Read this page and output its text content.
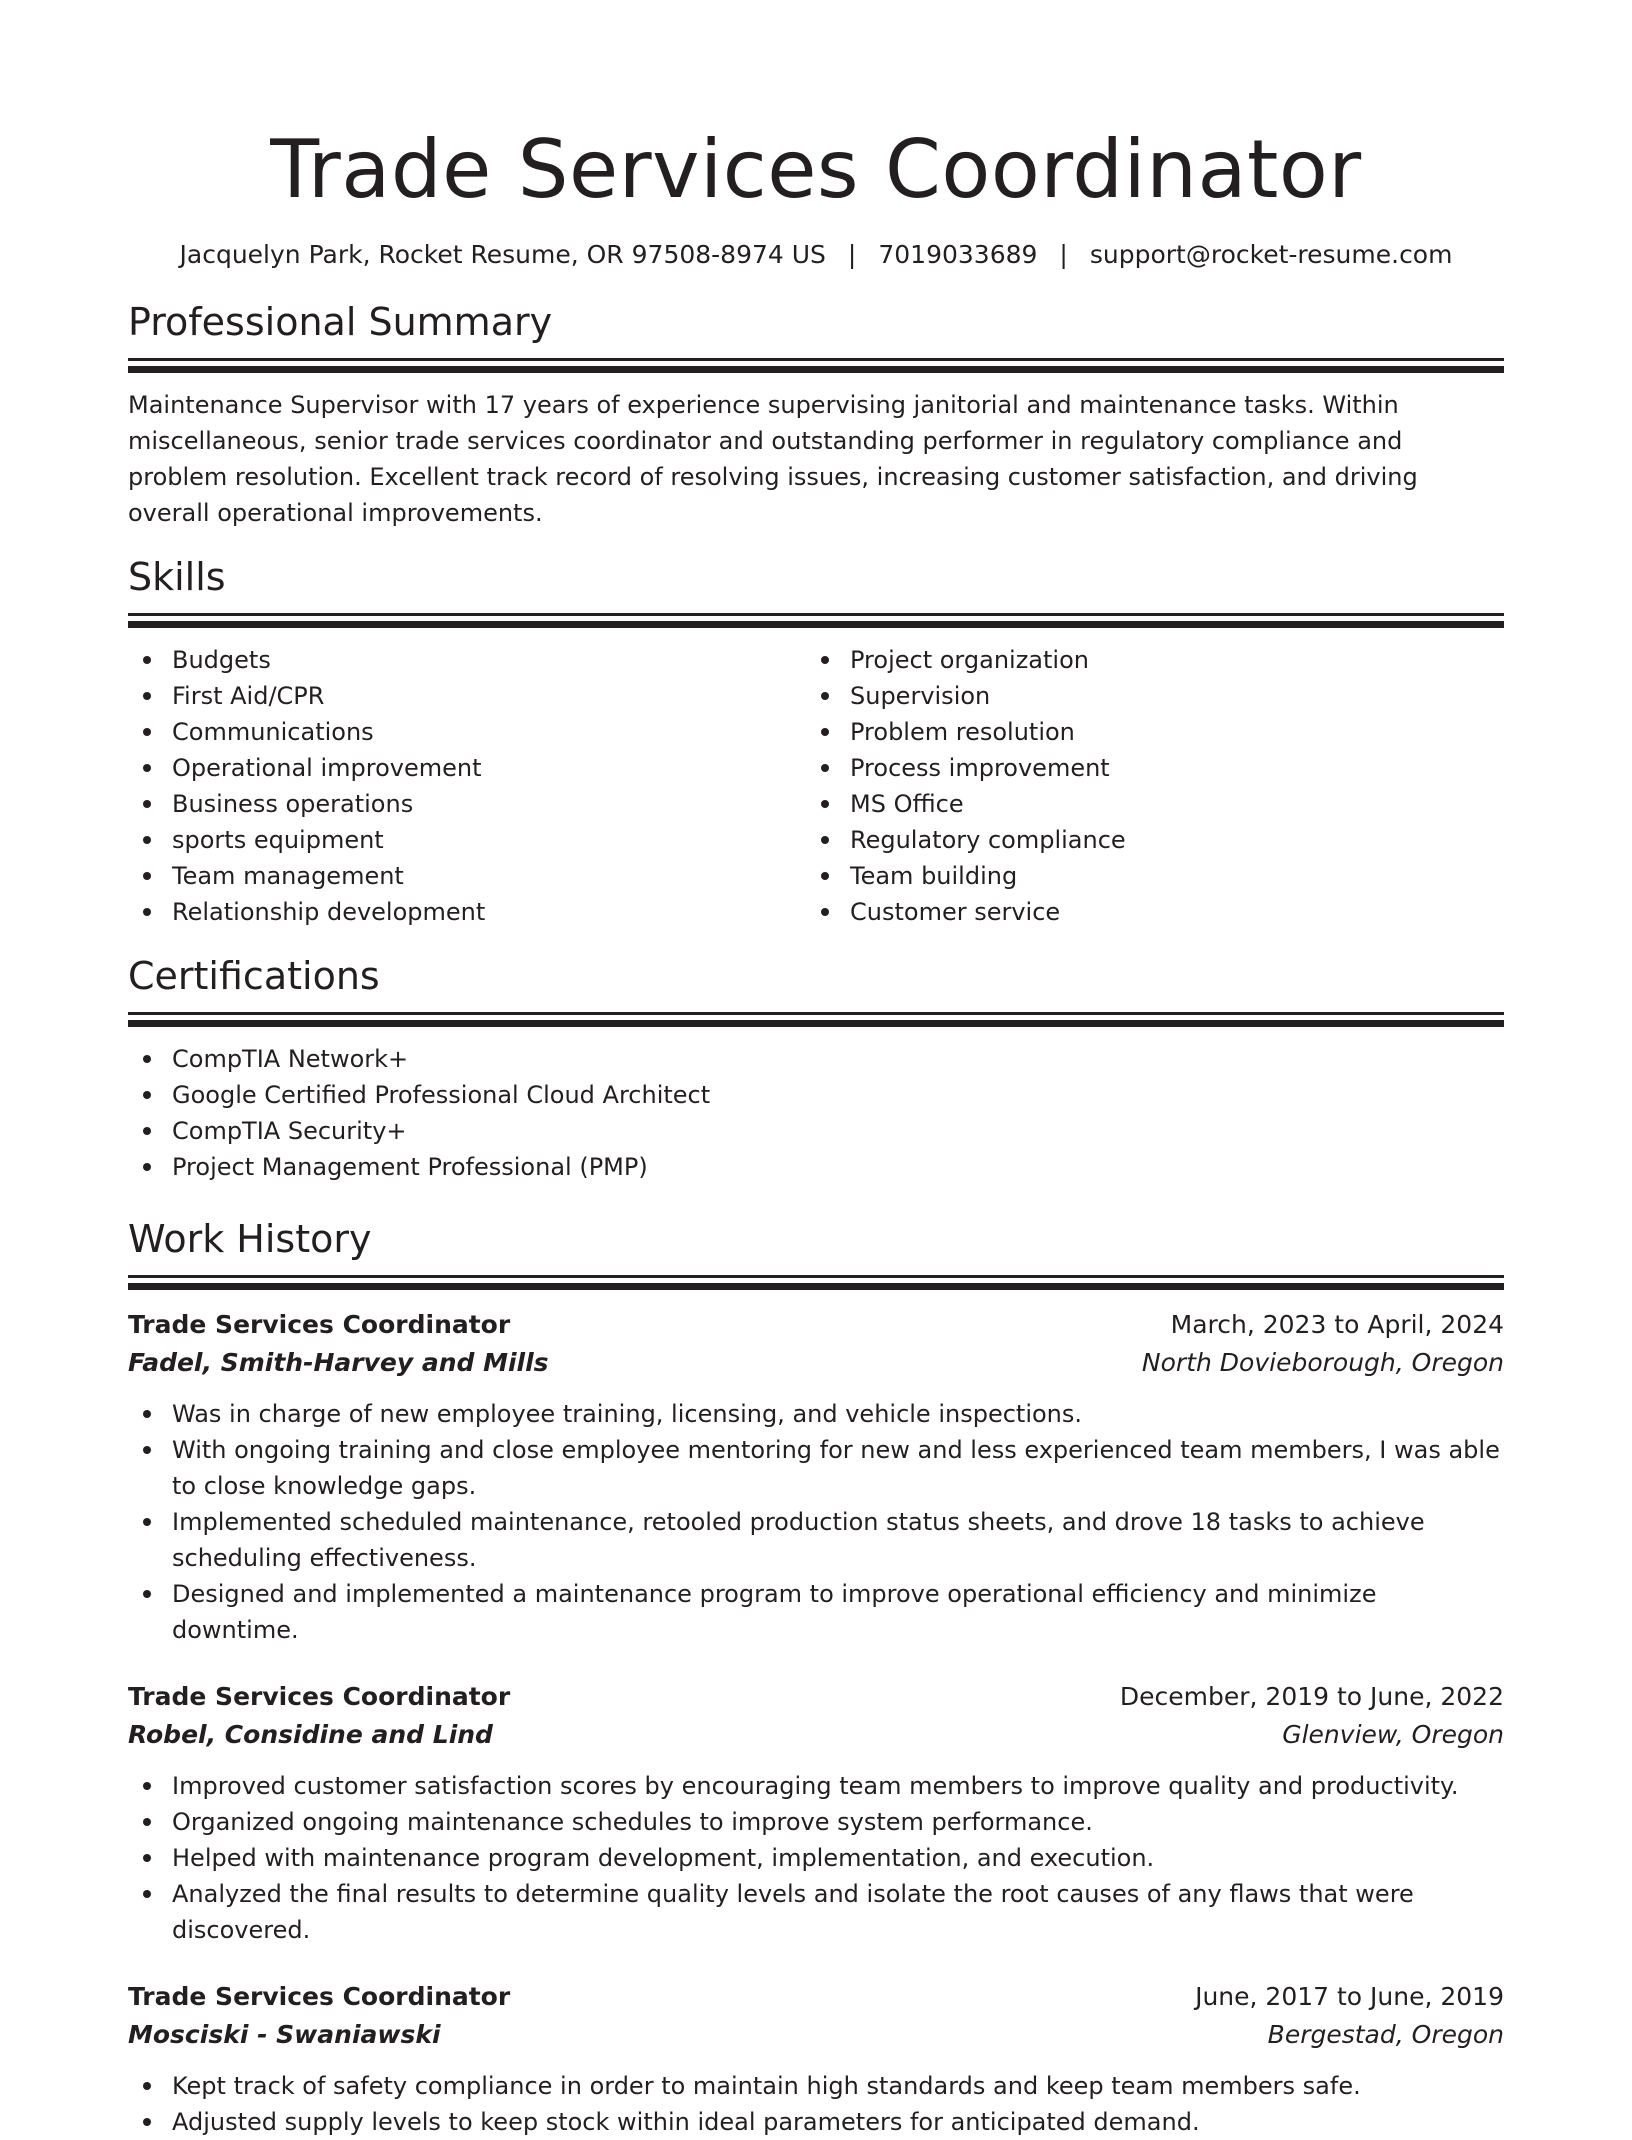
Trade Services Coordinator
Jacquelyn Park, Rocket Resume, OR 97508-8974 US | 7019033689 | support@rocket-resume.com
Professional Summary

Maintenance Supervisor with 17 years of experience supervising janitorial and maintenance tasks. Within miscellaneous, senior trade services coordinator and outstanding performer in regulatory compliance and problem resolution. Excellent track record of resolving issues, increasing customer satisfaction, and driving overall operational improvements.

Skills
Budgets
First Aid/CPR
Communications
Operational improvement
Business operations
sports equipment
Team management
Relationship development
Project organization
Supervision
Problem resolution
Process improvement
MS Office
Regulatory compliance
Team building
Customer service
Certifications
CompTIA Network+
Google Certified Professional Cloud Architect
CompTIA Security+
Project Management Professional (PMP)
Work History
Trade Services Coordinator	March, 2023 to April, 2024
Fadel, Smith-Harvey and Mills	North Dovieborough, Oregon
Was in charge of new employee training, licensing, and vehicle inspections.
With ongoing training and close employee mentoring for new and less experienced team members, I was able to close knowledge gaps.
Implemented scheduled maintenance, retooled production status sheets, and drove 18 tasks to achieve scheduling effectiveness.
Designed and implemented a maintenance program to improve operational efficiency and minimize downtime.
Trade Services Coordinator	December, 2019 to June, 2022
Robel, Considine and Lind	Glenview, Oregon
Improved customer satisfaction scores by encouraging team members to improve quality and productivity.
Organized ongoing maintenance schedules to improve system performance.
Helped with maintenance program development, implementation, and execution.
Analyzed the final results to determine quality levels and isolate the root causes of any flaws that were discovered.
Trade Services Coordinator	June, 2017 to June, 2019
Mosciski - Swaniawski	Bergestad, Oregon
Kept track of safety compliance in order to maintain high standards and keep team members safe.
Adjusted supply levels to keep stock within ideal parameters for anticipated demand.
